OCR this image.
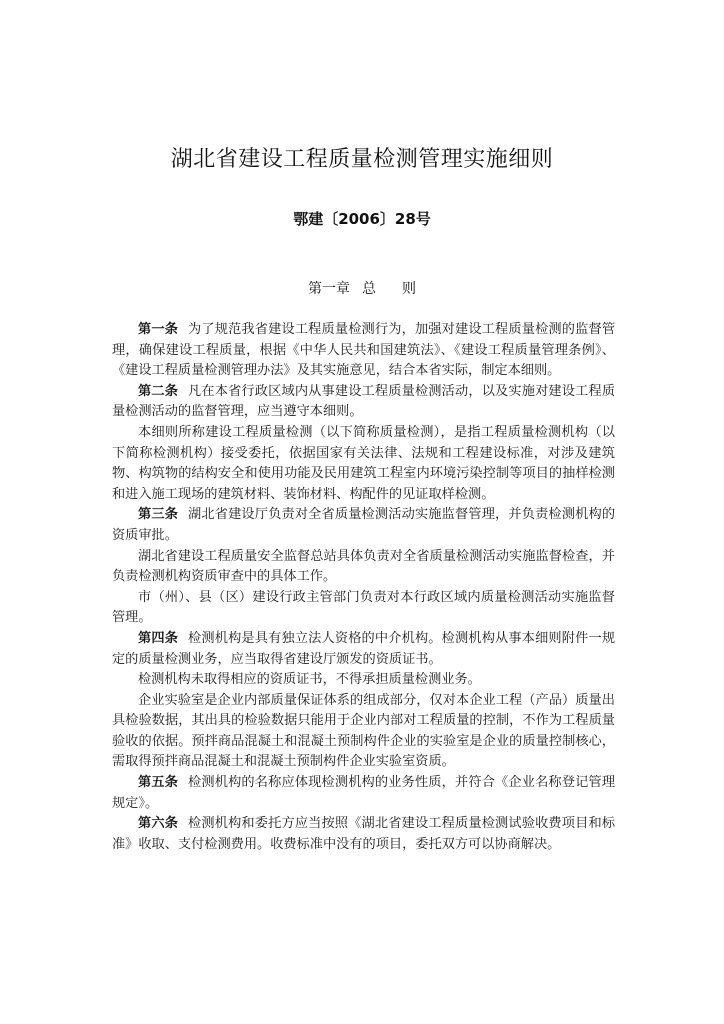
湖北省建设工程质量检测管理实施细则
鄂建〔2006〕28号
第一章 总 则

第一条 为了规范我省建设工程质量检测行为，加强对建设工程质量检测的监督管理，确保建设工程质量，根据《中华人民共和国建筑法》、《建设工程质量管理条例》、《建设工程质量检测管理办法》及其实施意见，结合本省实际，制定本细则。

第二条 凡在本省行政区域内从事建设工程质量检测活动，以及实施对建设工程质量检测活动的监督管理，应当遵守本细则。

本细则所称建设工程质量检测（以下简称质量检测），是指工程质量检测机构（以下简称检测机构）接受委托，依据国家有关法律、法规和工程建设标准，对涉及建筑物、构筑物的结构安全和使用功能及民用建筑工程室内环境污染控制等项目的抽样检测和进入施工现场的建筑材料、装饰材料、构配件的见证取样检测。

第三条 湖北省建设厅负责对全省质量检测活动实施监督管理，并负责检测机构的资质审批。

湖北省建设工程质量安全监督总站具体负责对全省质量检测活动实施监督检查，并负责检测机构资质审查中的具体工作。

市（州）、县（区）建设行政主管部门负责对本行政区域内质量检测活动实施监督管理。

第四条 检测机构是具有独立法人资格的中介机构。检测机构从事本细则附件一规定的质量检测业务，应当取得省建设厅颁发的资质证书。

检测机构未取得相应的资质证书，不得承担质量检测业务。

企业实验室是企业内部质量保证体系的组成部分，仅对本企业工程（产品）质量出具检验数据，其出具的检验数据只能用于企业内部对工程质量的控制，不作为工程质量验收的依据。预拌商品混凝土和混凝土预制构件企业的实验室是企业的质量控制核心，需取得预拌商品混凝土和混凝土预制构件企业实验室资质。

第五条 检测机构的名称应体现检测机构的业务性质，并符合《企业名称登记管理规定》。

第六条 检测机构和委托方应当按照《湖北省建设工程质量检测试验收费项目和标准》收取、支付检测费用。收费标准中没有的项目，委托双方可以协商解决。
